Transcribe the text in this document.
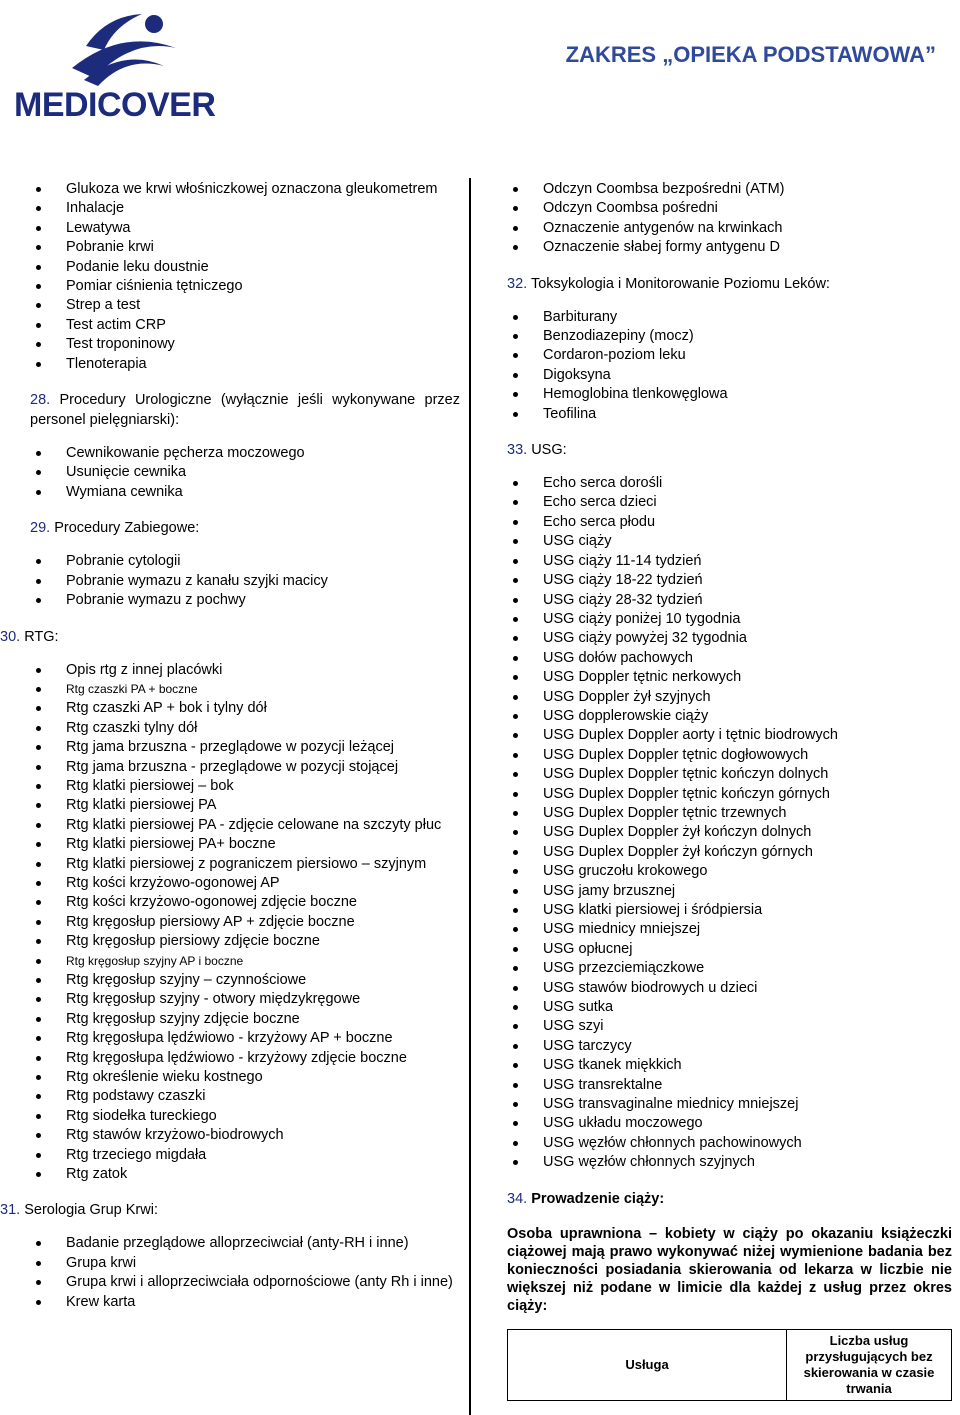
MEDICOVER
ZAKRES „OPIEKA PODSTAWOWA”
Glukoza we krwi włośniczkowej oznaczona gleukometrem
Inhalacje
Lewatywa
Pobranie krwi
Podanie leku doustnie
Pomiar ciśnienia tętniczego
Strep a test
Test actim CRP
Test troponinowy
Tlenoterapia
28. Procedury Urologiczne (wyłącznie jeśli wykonywane przez personel pielęgniarski):
Cewnikowanie pęcherza moczowego
Usunięcie cewnika
Wymiana cewnika
29. Procedury Zabiegowe:
Pobranie cytologii
Pobranie wymazu z kanału szyjki macicy
Pobranie wymazu z pochwy
30. RTG:
Opis rtg z innej placówki
Rtg czaszki PA + boczne
Rtg czaszki AP + bok i tylny dół
Rtg czaszki tylny dół
Rtg jama brzuszna - przeglądowe w pozycji leżącej
Rtg jama brzuszna - przeglądowe w pozycji stojącej
Rtg klatki piersiowej – bok
Rtg klatki piersiowej PA
Rtg klatki piersiowej PA - zdjęcie celowane na szczyty płuc
Rtg klatki piersiowej PA+ boczne
Rtg klatki piersiowej z pograniczem piersiowo – szyjnym
Rtg kości krzyżowo-ogonowej AP
Rtg kości krzyżowo-ogonowej zdjęcie boczne
Rtg kręgosłup piersiowy AP + zdjęcie boczne
Rtg kręgosłup piersiowy zdjęcie boczne
Rtg kręgosłup szyjny AP i boczne
Rtg kręgosłup szyjny – czynnościowe
Rtg kręgosłup szyjny - otwory międzykręgowe
Rtg kręgosłup szyjny zdjęcie boczne
Rtg kręgosłupa lędźwiowo - krzyżowy AP + boczne
Rtg kręgosłupa lędźwiowo - krzyżowy zdjęcie boczne
Rtg określenie wieku kostnego
Rtg podstawy czaszki
Rtg siodełka tureckiego
Rtg stawów krzyżowo-biodrowych
Rtg trzeciego migdała
Rtg zatok
31. Serologia Grup Krwi:
Badanie przeglądowe alloprzeciwciał (anty-RH i inne)
Grupa krwi
Grupa krwi i alloprzeciwciała odpornościowe (anty Rh i inne)
Krew karta
Odczyn Coombsa bezpośredni (ATM)
Odczyn Coombsa pośredni
Oznaczenie antygenów na krwinkach
Oznaczenie słabej formy antygenu D
32. Toksykologia i Monitorowanie Poziomu Leków:
Barbiturany
Benzodiazepiny (mocz)
Cordaron-poziom leku
Digoksyna
Hemoglobina tlenkowęglowa
Teofilina
33. USG:
Echo serca dorośli
Echo serca dzieci
Echo serca płodu
USG ciąży
USG ciąży 11-14 tydzień
USG ciąży 18-22 tydzień
USG ciąży 28-32 tydzień
USG ciąży poniżej 10 tygodnia
USG ciąży powyżej 32 tygodnia
USG dołów pachowych
USG Doppler tętnic nerkowych
USG Doppler żył szyjnych
USG dopplerowskie ciąży
USG Duplex Doppler aorty i tętnic biodrowych
USG Duplex Doppler tętnic dogłowowych
USG Duplex Doppler tętnic kończyn dolnych
USG Duplex Doppler tętnic kończyn górnych
USG Duplex Doppler tętnic trzewnych
USG Duplex Doppler żył kończyn dolnych
USG Duplex Doppler żył kończyn górnych
USG gruczołu krokowego
USG jamy brzusznej
USG klatki piersiowej i śródpiersia
USG miednicy mniejszej
USG opłucnej
USG przezciemiączkowe
USG stawów biodrowych u dzieci
USG sutka
USG szyi
USG tarczycy
USG tkanek miękkich
USG transrektalne
USG transvaginalne miednicy mniejszej
USG układu moczowego
USG węzłów chłonnych pachowinowych
USG węzłów chłonnych szyjnych
34. Prowadzenie ciąży:
Osoba uprawniona – kobiety w ciąży po okazaniu książeczki ciążowej mają prawo wykonywać niżej wymienione badania bez konieczności posiadania skierowania od lekarza w liczbie nie większej niż podane w limicie dla każdej z usług przez okres ciąży:
Usługa
Liczba usług przysługujących bez skierowania w czasie trwania
